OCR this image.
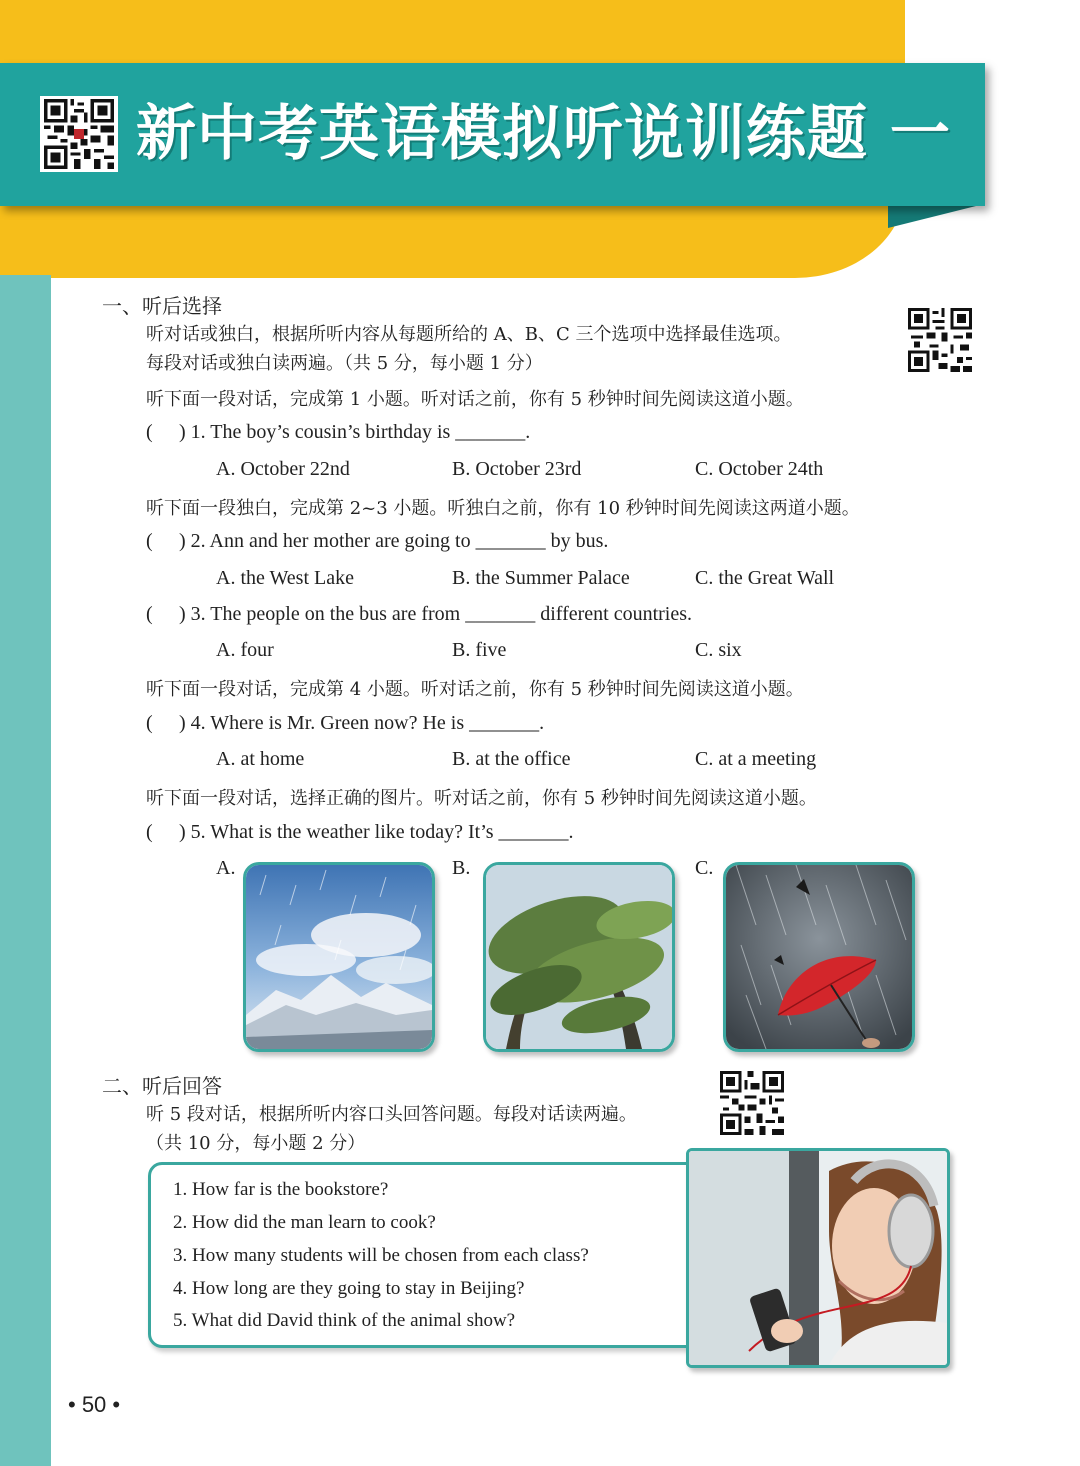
新中考英语模拟听说训练题 一
一、听后选择
听对话或独白，根据所听内容从每题所给的 A、B、C 三个选项中选择最佳选项。
每段对话或独白读两遍。（共 5 分，每小题 1 分）
听下面一段对话，完成第 1 小题。听对话之前，你有 5 秒钟时间先阅读这道小题。
( ) 1. The boy’s cousin’s birthday is _______.
A. October 22nd	B. October 23rd	C. October 24th
听下面一段独白，完成第 2~3 小题。听独白之前，你有 10 秒钟时间先阅读这两道小题。
( ) 2. Ann and her mother are going to _______ by bus.
A. the West Lake	B. the Summer Palace	C. the Great Wall
( ) 3. The people on the bus are from _______ different countries.
A. four	B. five	C. six
听下面一段对话，完成第 4 小题。听对话之前，你有 5 秒钟时间先阅读这道小题。
( ) 4. Where is Mr. Green now? He is _______.
A. at home	B. at the office	C. at a meeting
听下面一段对话，选择正确的图片。听对话之前，你有 5 秒钟时间先阅读这道小题。
( ) 5. What is the weather like today? It’s _______.
A.	B.	C.
二、听后回答
听 5 段对话，根据所听内容口头回答问题。每段对话读两遍。
（共 10 分，每小题 2 分）
1. How far is the bookstore?
2. How did the man learn to cook?
3. How many students will be chosen from each class?
4. How long are they going to stay in Beijing?
5. What did David think of the animal show?
• 50 •
